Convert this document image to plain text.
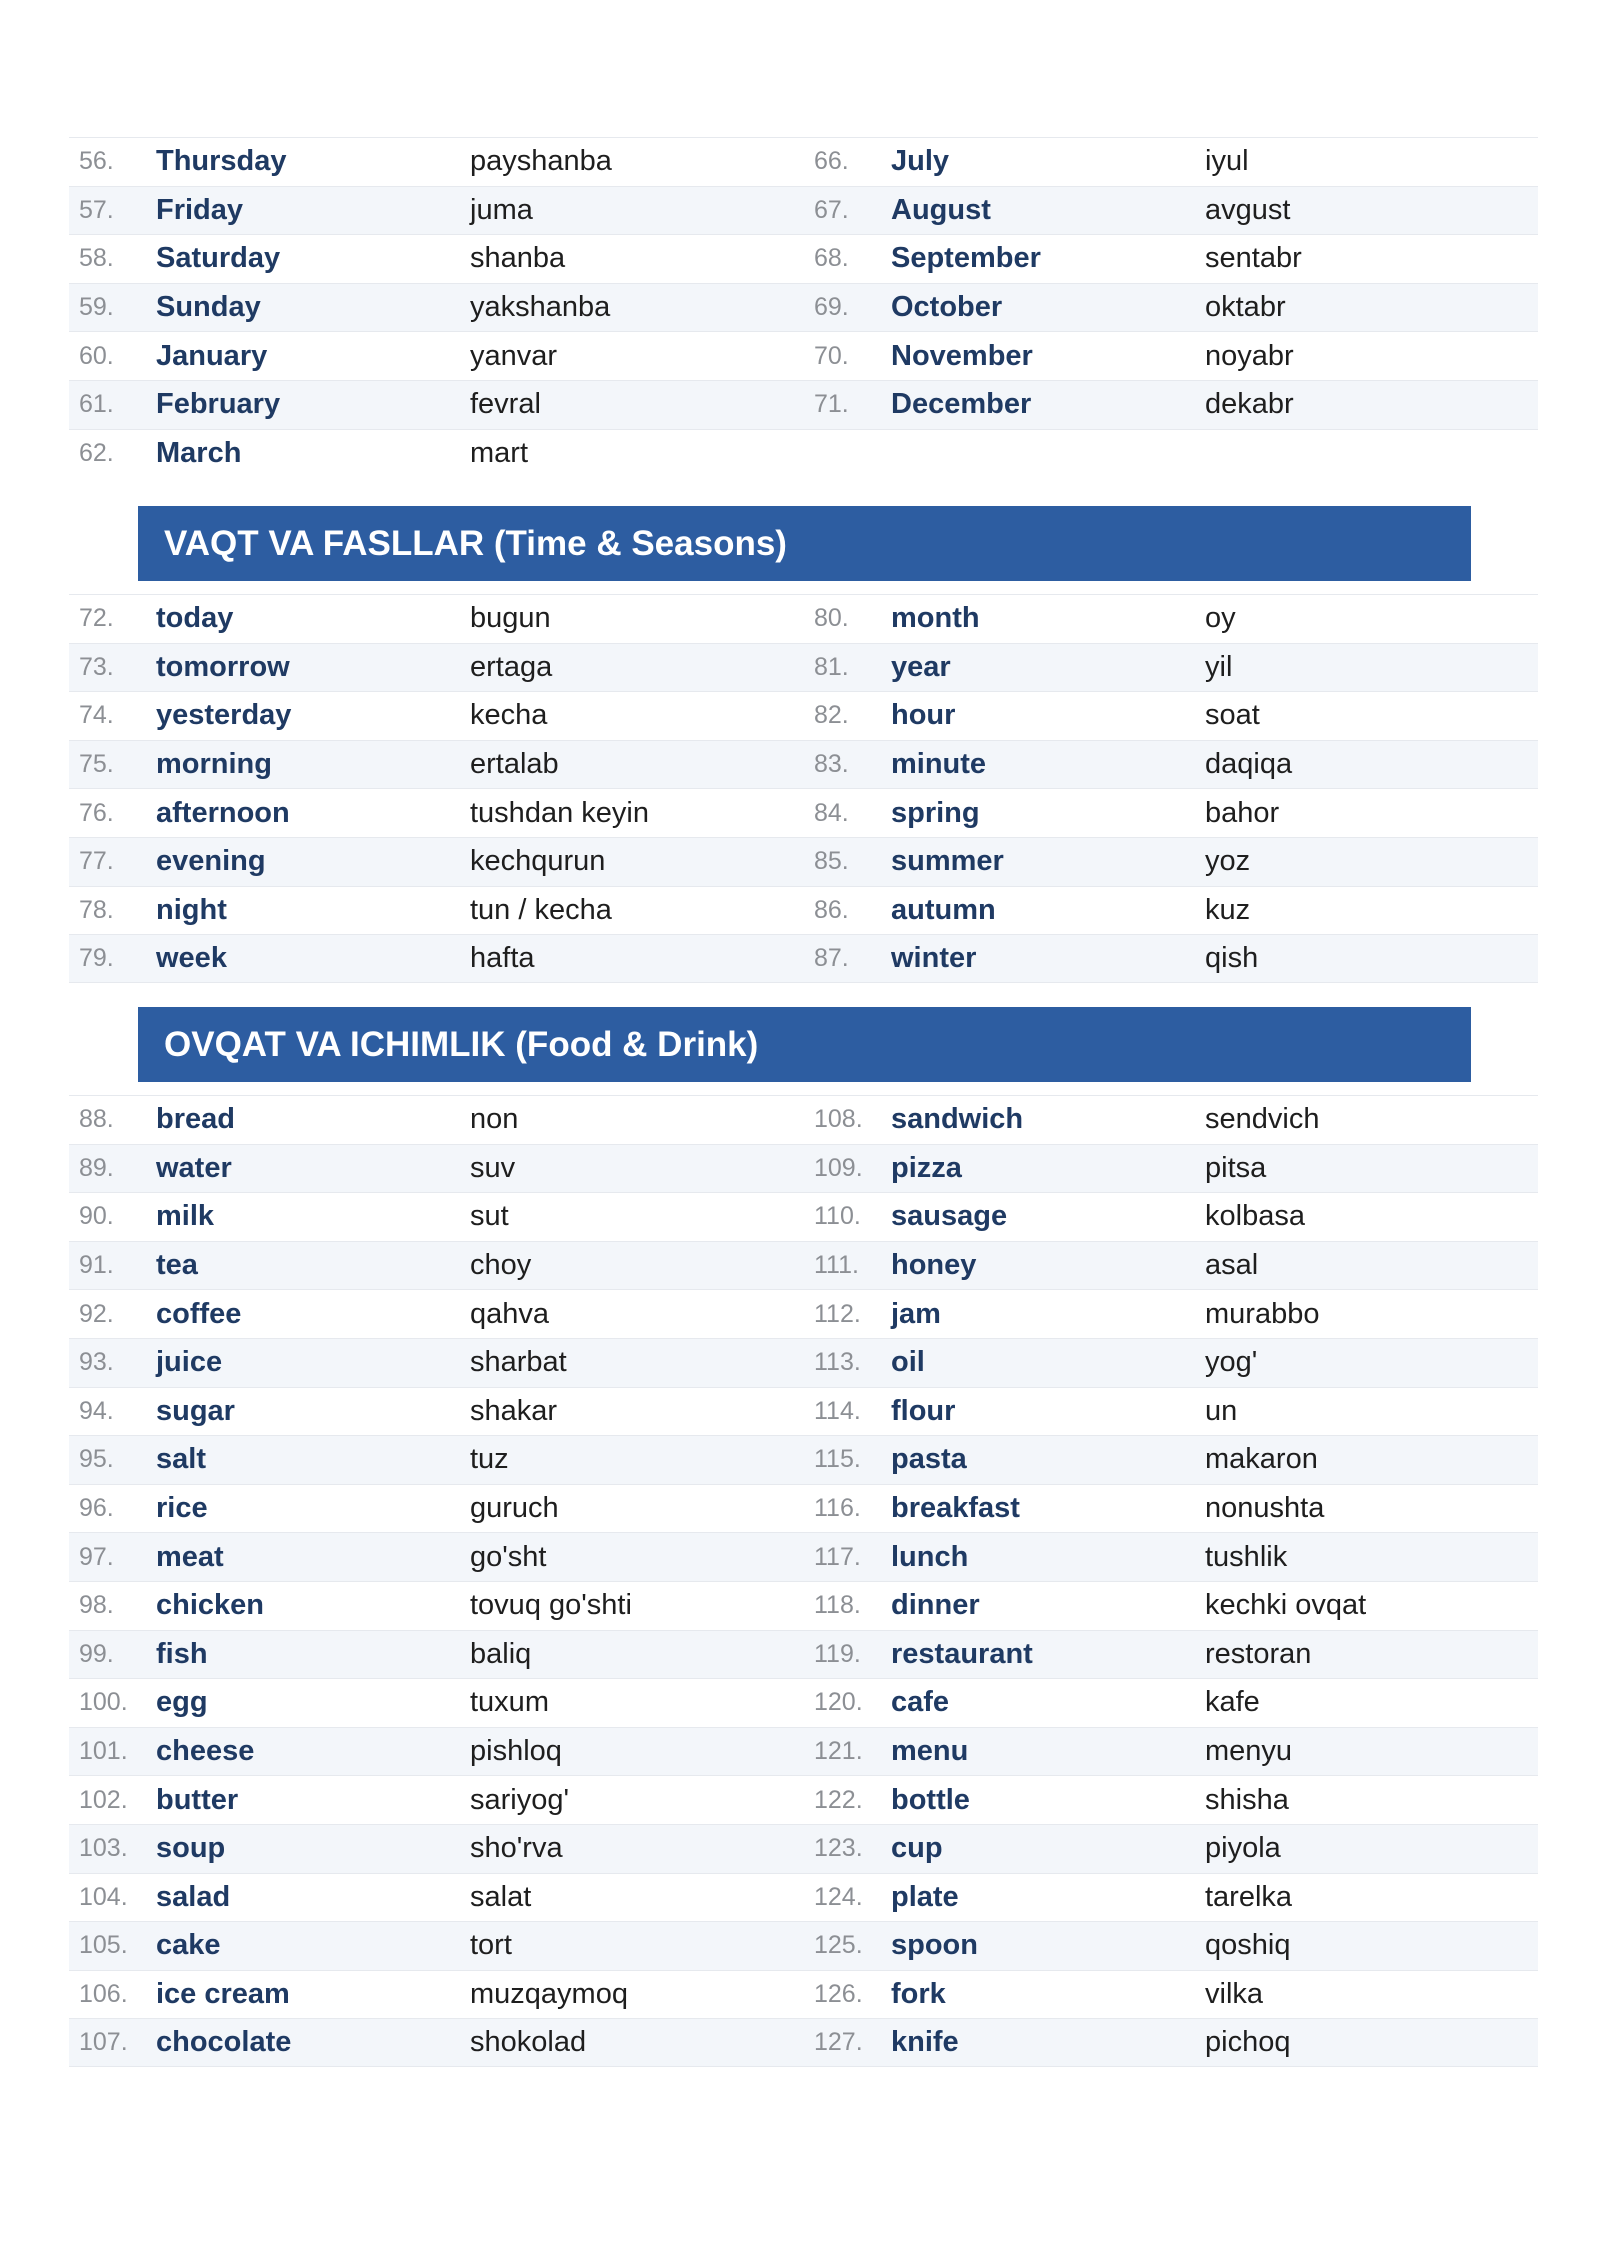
56. Thursday	payshanba	66. July	iyul
57. Friday	juma	67. August	avgust
58. Saturday	shanba	68. September	sentabr
59. Sunday	yakshanba	69. October	oktabr
60. January	yanvar	70. November	noyabr
61. February	fevral	71. December	dekabr
62. March	mart
VAQT VA FASLLAR (Time & Seasons)
72. today	bugun	80. month	oy
73. tomorrow	ertaga	81. year	yil
74. yesterday	kecha	82. hour	soat
75. morning	ertalab	83. minute	daqiqa
76. afternoon	tushdan keyin	84. spring	bahor
77. evening	kechqurun	85. summer	yoz
78. night	tun / kecha	86. autumn	kuz
79. week	hafta	87. winter	qish
OVQAT VA ICHIMLIK (Food & Drink)
88. bread	non	108. sandwich	sendvich
89. water	suv	109. pizza	pitsa
90. milk	sut	110. sausage	kolbasa
91. tea	choy	111. honey	asal
92. coffee	qahva	112. jam	murabbo
93. juice	sharbat	113. oil	yog'
94. sugar	shakar	114. flour	un
95. salt	tuz	115. pasta	makaron
96. rice	guruch	116. breakfast	nonushta
97. meat	go'sht	117. lunch	tushlik
98. chicken	tovuq go'shti	118. dinner	kechki ovqat
99. fish	baliq	119. restaurant	restoran
100. egg	tuxum	120. cafe	kafe
101. cheese	pishloq	121. menu	menyu
102. butter	sariyog'	122. bottle	shisha
103. soup	sho'rva	123. cup	piyola
104. salad	salat	124. plate	tarelka
105. cake	tort	125. spoon	qoshiq
106. ice cream	muzqaymoq	126. fork	vilka
107. chocolate	shokolad	127. knife	pichoq
